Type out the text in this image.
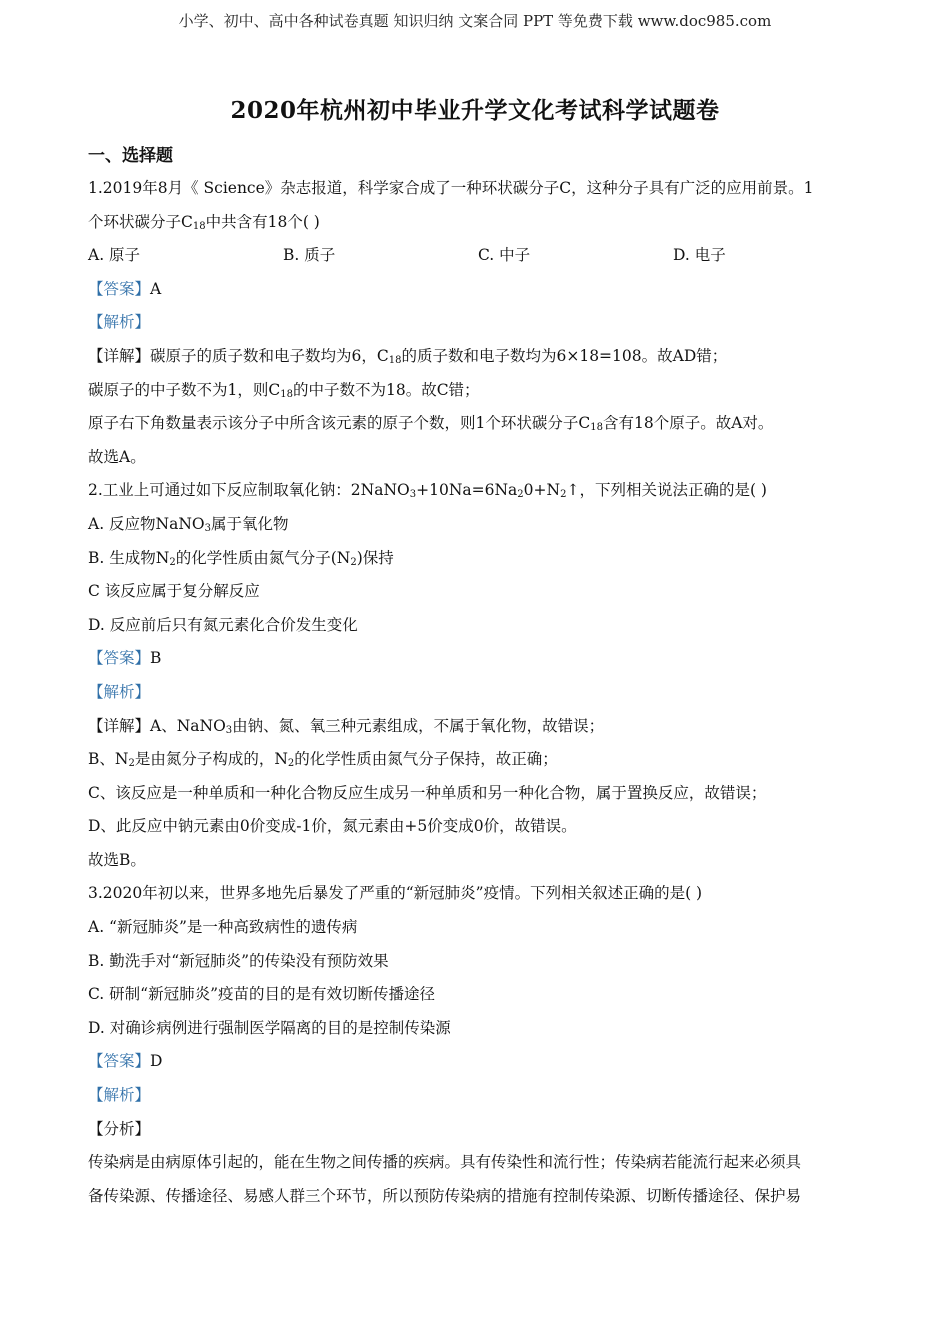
小学、初中、高中各种试卷真题 知识归纳 文案合同 PPT 等免费下载 www.doc985.com
2020年杭州初中毕业升学文化考试科学试题卷
一、选择题
1.2019年8月《 Science》杂志报道，科学家合成了一种环状碳分子C，这种分子具有广泛的应用前景。1
个环状碳分子$C_{18}$中共含有18个( )
A. 原子	B. 质子	C. 中子	D. 电子
【答案】A
【解析】
【详解】碳原子的质子数和电子数均为6，$C_{18}$的质子数和电子数均为6×18=108。故AD错；
碳原子的中子数不为1，则$C_{18}$的中子数不为18。故C错；
原子右下角数量表示该分子中所含该元素的原子个数，则1个环状碳分子$C_{18}$含有18个原子。故A对。
故选A。
2.工业上可通过如下反应制取氧化钠：$2NaNO_3+10Na=6Na_20+N_2↑$，下列相关说法正确的是( )
A. 反应物NaNO$_3$属于氧化物
B. 生成物$N_2$的化学性质由氮气分子$(N_2)$保持
C 该反应属于复分解反应
D. 反应前后只有氮元素化合价发生变化
【答案】B
【解析】
【详解】A、NaNO$_3$由钠、氮、氧三种元素组成，不属于氧化物，故错误；
B、$N_2$是由氮分子构成的，$N_2$的化学性质由氮气分子保持，故正确；
C、该反应是一种单质和一种化合物反应生成另一种单质和另一种化合物，属于置换反应，故错误；
D、此反应中钠元素由0价变成-1价，氮元素由+5价变成0价，故错误。
故选B。
3.2020年初以来，世界多地先后暴发了严重的“新冠肺炎”疫情。下列相关叙述正确的是( )
A. “新冠肺炎”是一种高致病性的遗传病
B. 勤洗手对“新冠肺炎”的传染没有预防效果
C. 研制“新冠肺炎”疫苗的目的是有效切断传播途径
D. 对确诊病例进行强制医学隔离的目的是控制传染源
【答案】D
【解析】
【分析】
传染病是由病原体引起的，能在生物之间传播的疾病。具有传染性和流行性；传染病若能流行起来必须具
备传染源、传播途径、易感人群三个环节，所以预防传染病的措施有控制传染源、切断传播途径、保护易
